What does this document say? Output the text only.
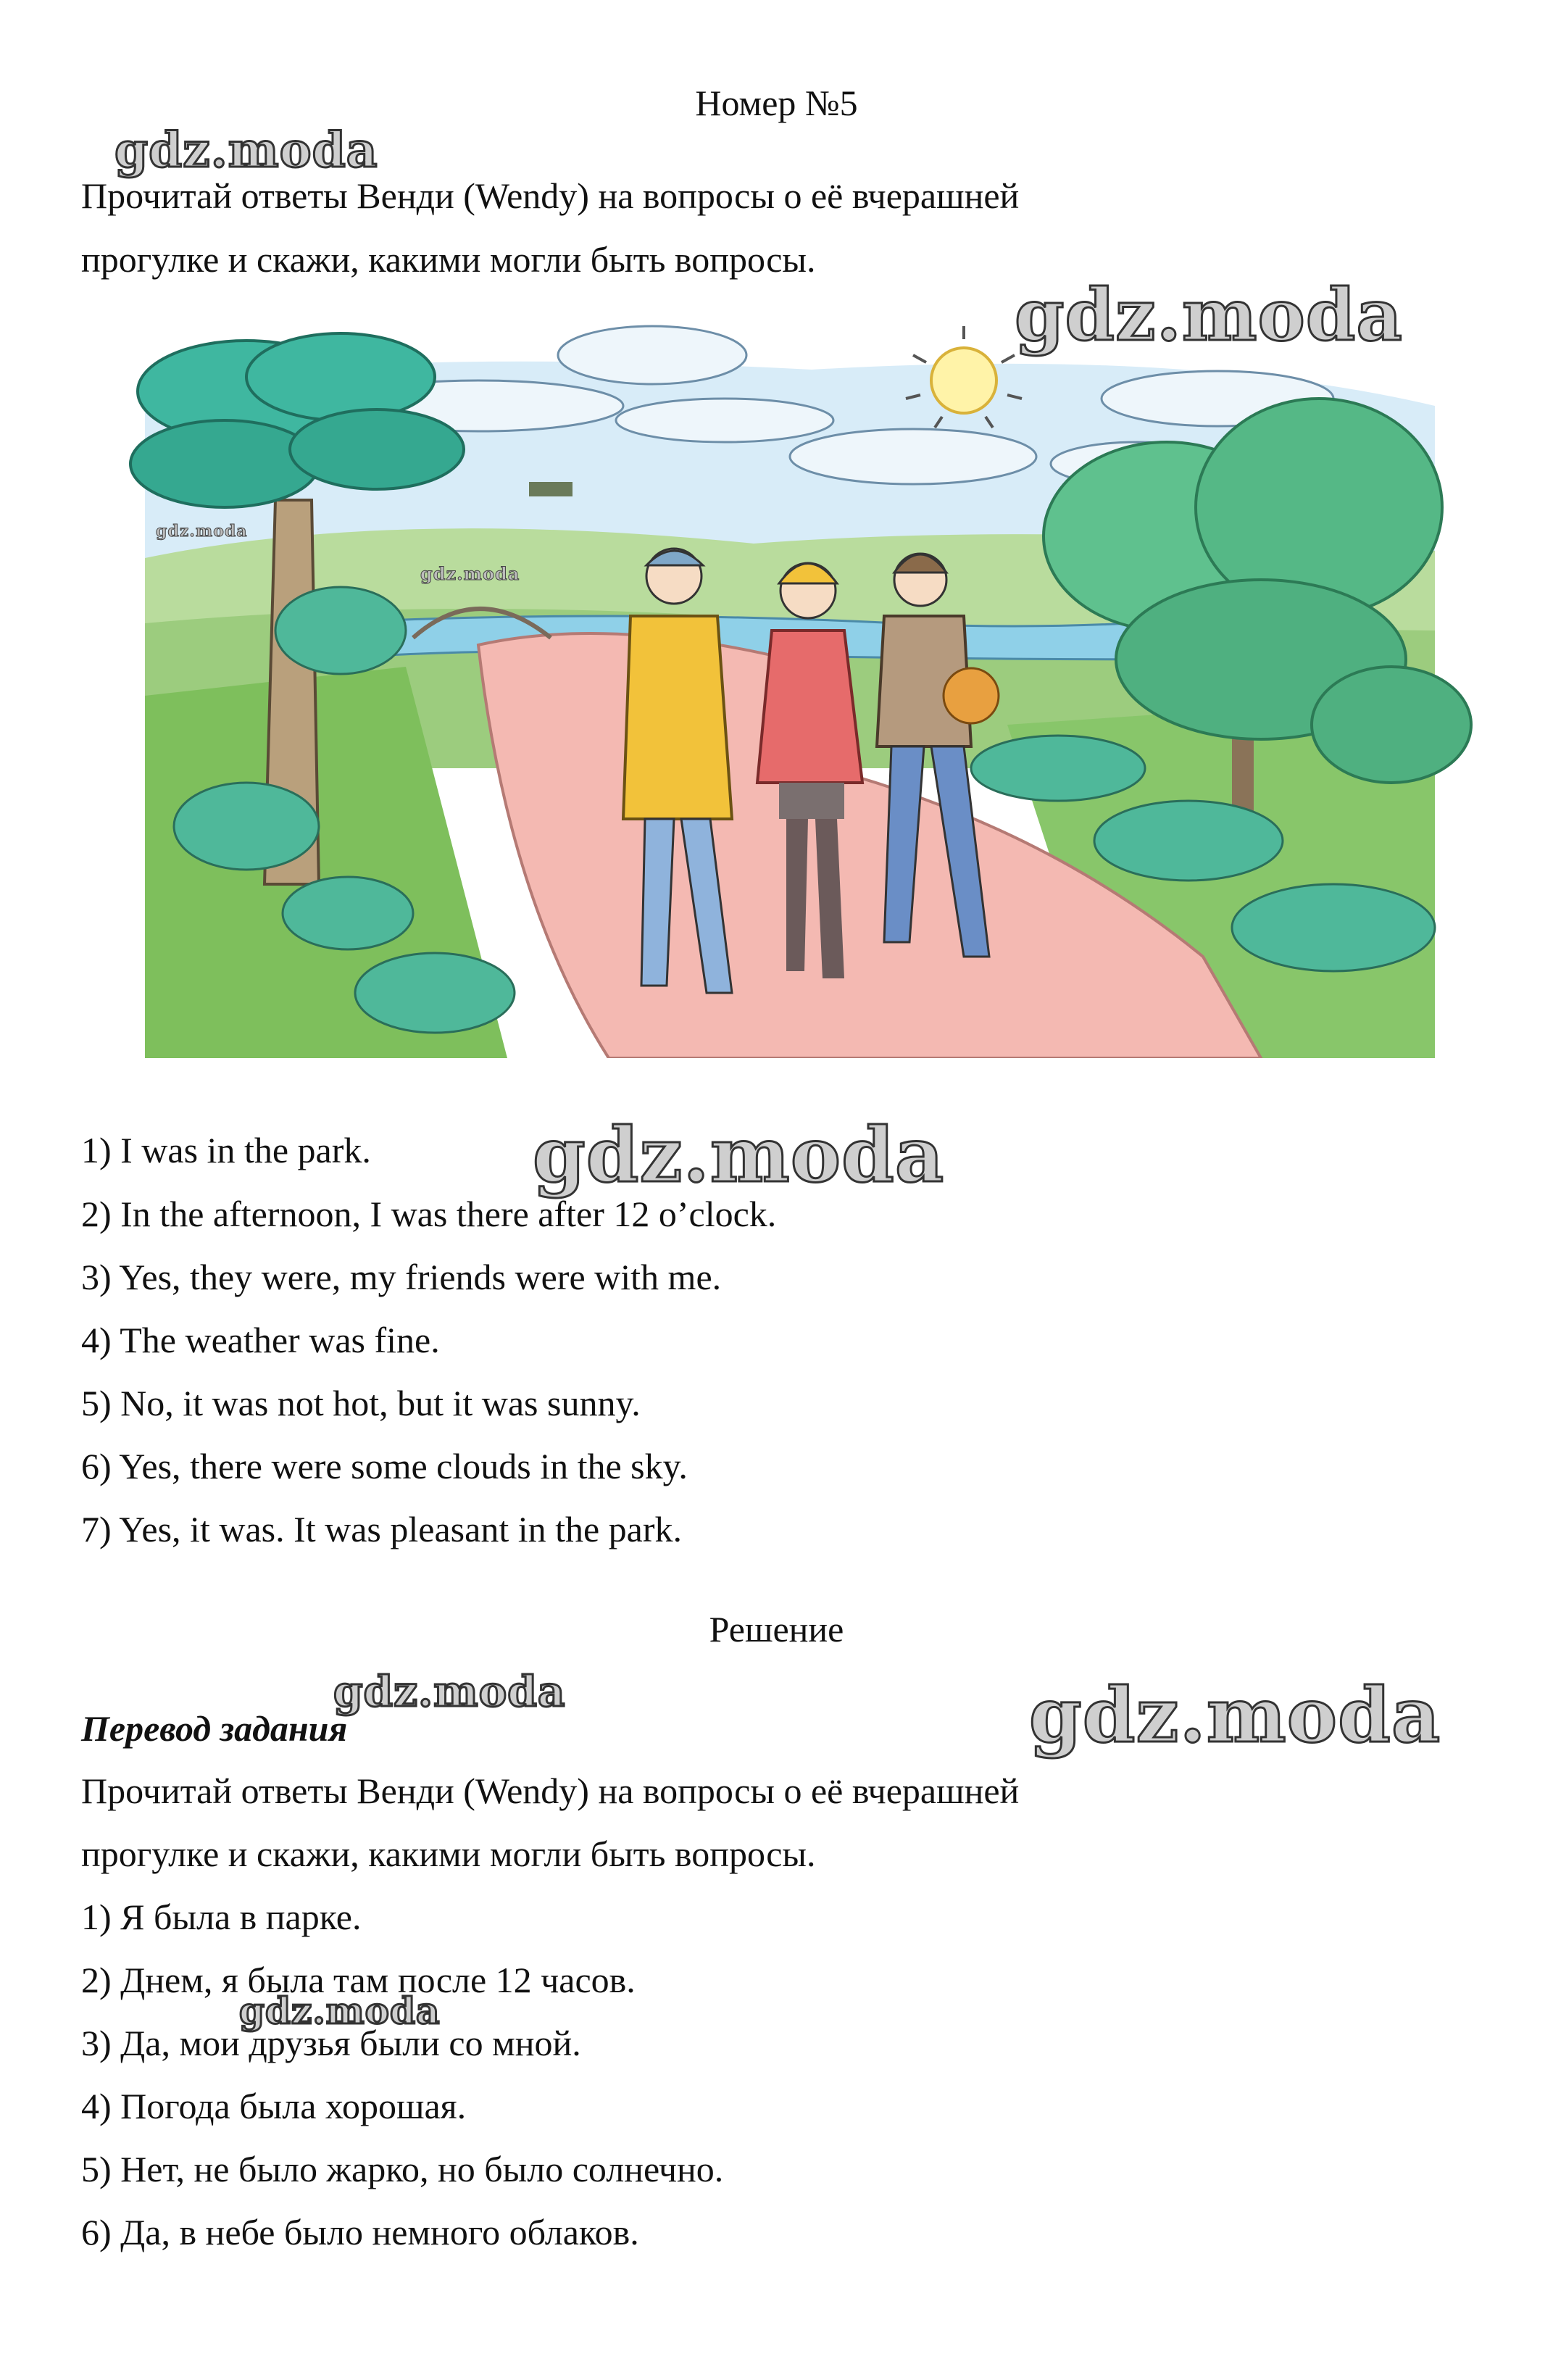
Номер №5
Прочитай ответы Венди (Wendy) на вопросы о её вчерашней
прогулке и скажи, какими могли быть вопросы.
1) I was in the park.
2) In the afternoon, I was there after 12 o’clock.
3) Yes, they were, my friends were with me.
4) The weather was fine.
5) No, it was not hot, but it was sunny.
6) Yes, there were some clouds in the sky.
7) Yes, it was. It was pleasant in the park.
Решение
Перевод задания
Прочитай ответы Венди (Wendy) на вопросы о её вчерашней
прогулке и скажи, какими могли быть вопросы.
1) Я была в парке.
2) Днем, я была там после 12 часов.
3) Да, мои друзья были со мной.
4) Погода была хорошая.
5) Нет, не было жарко, но было солнечно.
6) Да, в небе было немного облаков.
gdz.moda
gdz.moda
gdz.moda
gdz.moda
gdz.moda
gdz.moda	gdz.moda
gdz.moda
